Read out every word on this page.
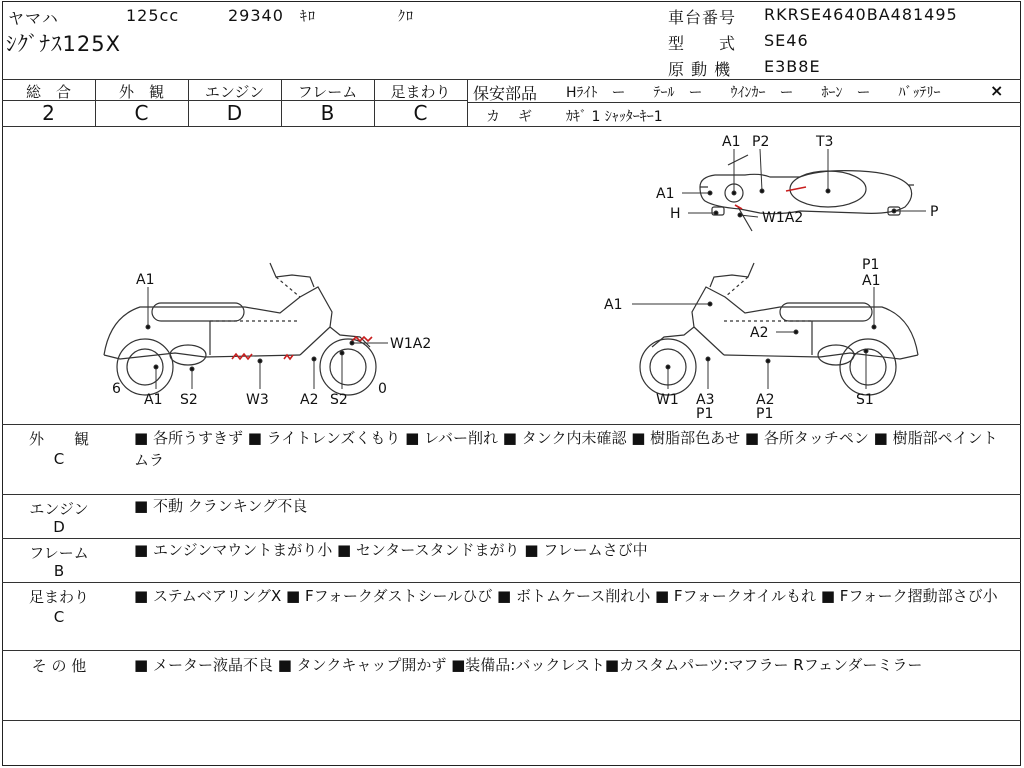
ヤマハ	125cc	29340 ｷﾛ	ｸﾛ
ｼｸﾞﾅｽ125X
車台番号 RKRSE4640BA481495
型　　式 SE46
原 動 機 E3B8E
総　合	外　観	エンジン	フレーム	足まわり
2	C	D	B	C
保安部品 Hﾗｲﾄ　ー　　ﾃｰﾙ　ー　　ｳｲﾝｶｰ　ー　　ﾎｰﾝ　ー　　ﾊﾞｯﾃﾘｰ	×
カ　ギ ｶｷﾞ 1 ｼｬｯﾀｰｷｰ1
A1 P2	T3
A1
H	W1A2	P
A1
W1A2
6	0
A1 S2	W3 A2 S2
P1
A1
A1
A2
W1 A3
P1
A2
P1
S1
外　　観
C
■ 各所うすきず ■ ライトレンズくもり ■ レバー削れ ■ タンク内未確認 ■ 樹脂部色あせ ■ 各所タッチペン ■ 樹脂部ペイントムラ
エンジン
D
■ 不動 クランキング不良
フレーム
B
■ エンジンマウントまがり小 ■ センタースタンドまがり ■ フレームさび中
足まわり
C
■ ステムベアリングX ■ Fフォークダストシールひび ■ ボトムケース削れ小 ■ Fフォークオイルもれ ■ Fフォーク摺動部さび小
そ の 他	■ メーター液晶不良 ■ タンクキャップ開かず ■装備品:バックレスト■カスタムパーツ:マフラー Rフェンダーミラー
